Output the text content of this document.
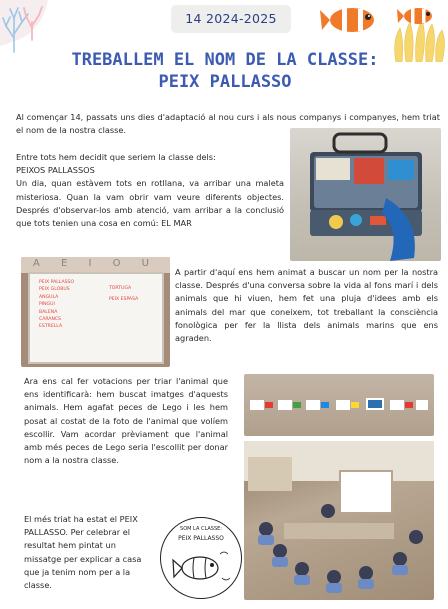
14 2024-2025
TREBALLEM EL NOM DE LA CLASSE:
PEIX PALLASSO

Al començar 14, passats uns dies d'adaptació al nou curs i als nous companys i companyes, hem triat el nom de la nostra classe.

Entre tots hem decidit que seriem la classe dels:

PEIXOS PALLASSOS

Un dia, quan estàvem tots en rotllana, va arribar una maleta misteriosa. Quan la vam obrir vam veure diferents objectes. Després d'observar-los amb atenció, vam arribar a la conclusió que tots tenien una cosa en comú: EL MAR

A E I O U
PEIX PALLASSO
PEIX GLOBUS
ANGULA
PINGUI
BALENA
CARANCS
ESTRELLA
TORTUGA
PEIX ESPASA

A partir d'aquí ens hem animat a buscar un nom per la nostra classe. Després d'una conversa sobre la vida al fons marí i dels animals que hi viuen, hem fet una pluja d'idees amb els animals del mar que coneixem, tot treballant la consciència fonològica per fer la llista dels animals marins que ens agraden.

Ara ens cal fer votacions per triar l'animal que ens identificarà: hem buscat imatges d'aquests animals. Hem agafat peces de Lego i les hem posat al costat de la foto de l'animal que volíem escollir. Vam acordar prèviament que l'animal amb més peces de Lego seria l'escollit per donar nom a la nostra classe.

El més triat ha estat el PEIX PALLASSO. Per celebrar el resultat hem pintat un missatge per explicar a casa que ja tenim nom per a la classe.

SOM LA CLASSE:
PEIX PALLASSO
